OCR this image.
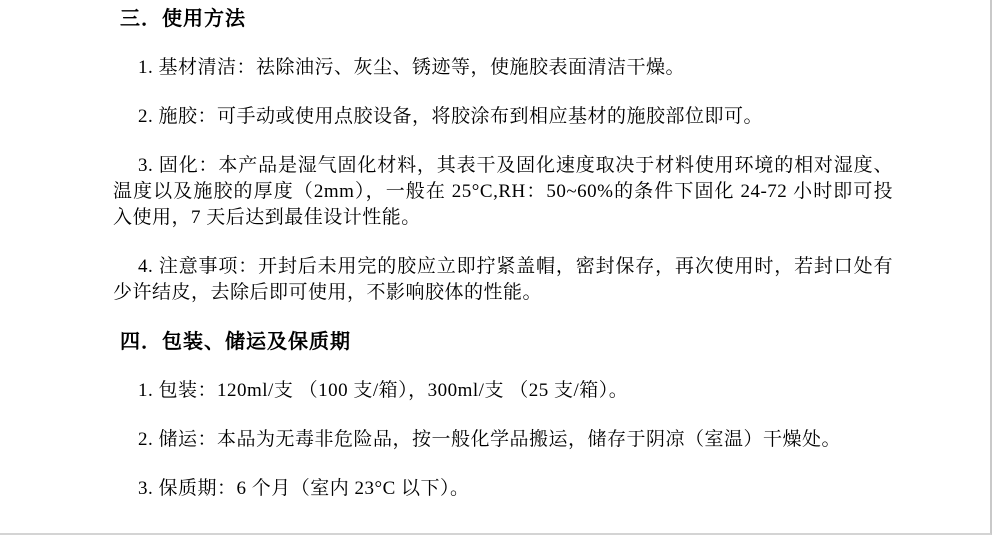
三．使用方法

1. 基材清洁：祛除油污、灰尘、锈迹等，使施胶表面清洁干燥。

2. 施胶：可手动或使用点胶设备，将胶涂布到相应基材的施胶部位即可。

3. 固化：本产品是湿气固化材料，其表干及固化速度取决于材料使用环境的相对湿度、温度以及施胶的厚度（2mm），一般在 25°C,RH：50~60%的条件下固化 24-72 小时即可投入使用，7 天后达到最佳设计性能。

4. 注意事项：开封后未用完的胶应立即拧紧盖帽，密封保存，再次使用时，若封口处有少许结皮，去除后即可使用，不影响胶体的性能。

四．包装、储运及保质期

1. 包装：120ml/支 （100 支/箱），300ml/支 （25 支/箱）。

2. 储运：本品为无毒非危险品，按一般化学品搬运，储存于阴凉（室温）干燥处。

3. 保质期：6 个月（室内 23°C 以下）。
